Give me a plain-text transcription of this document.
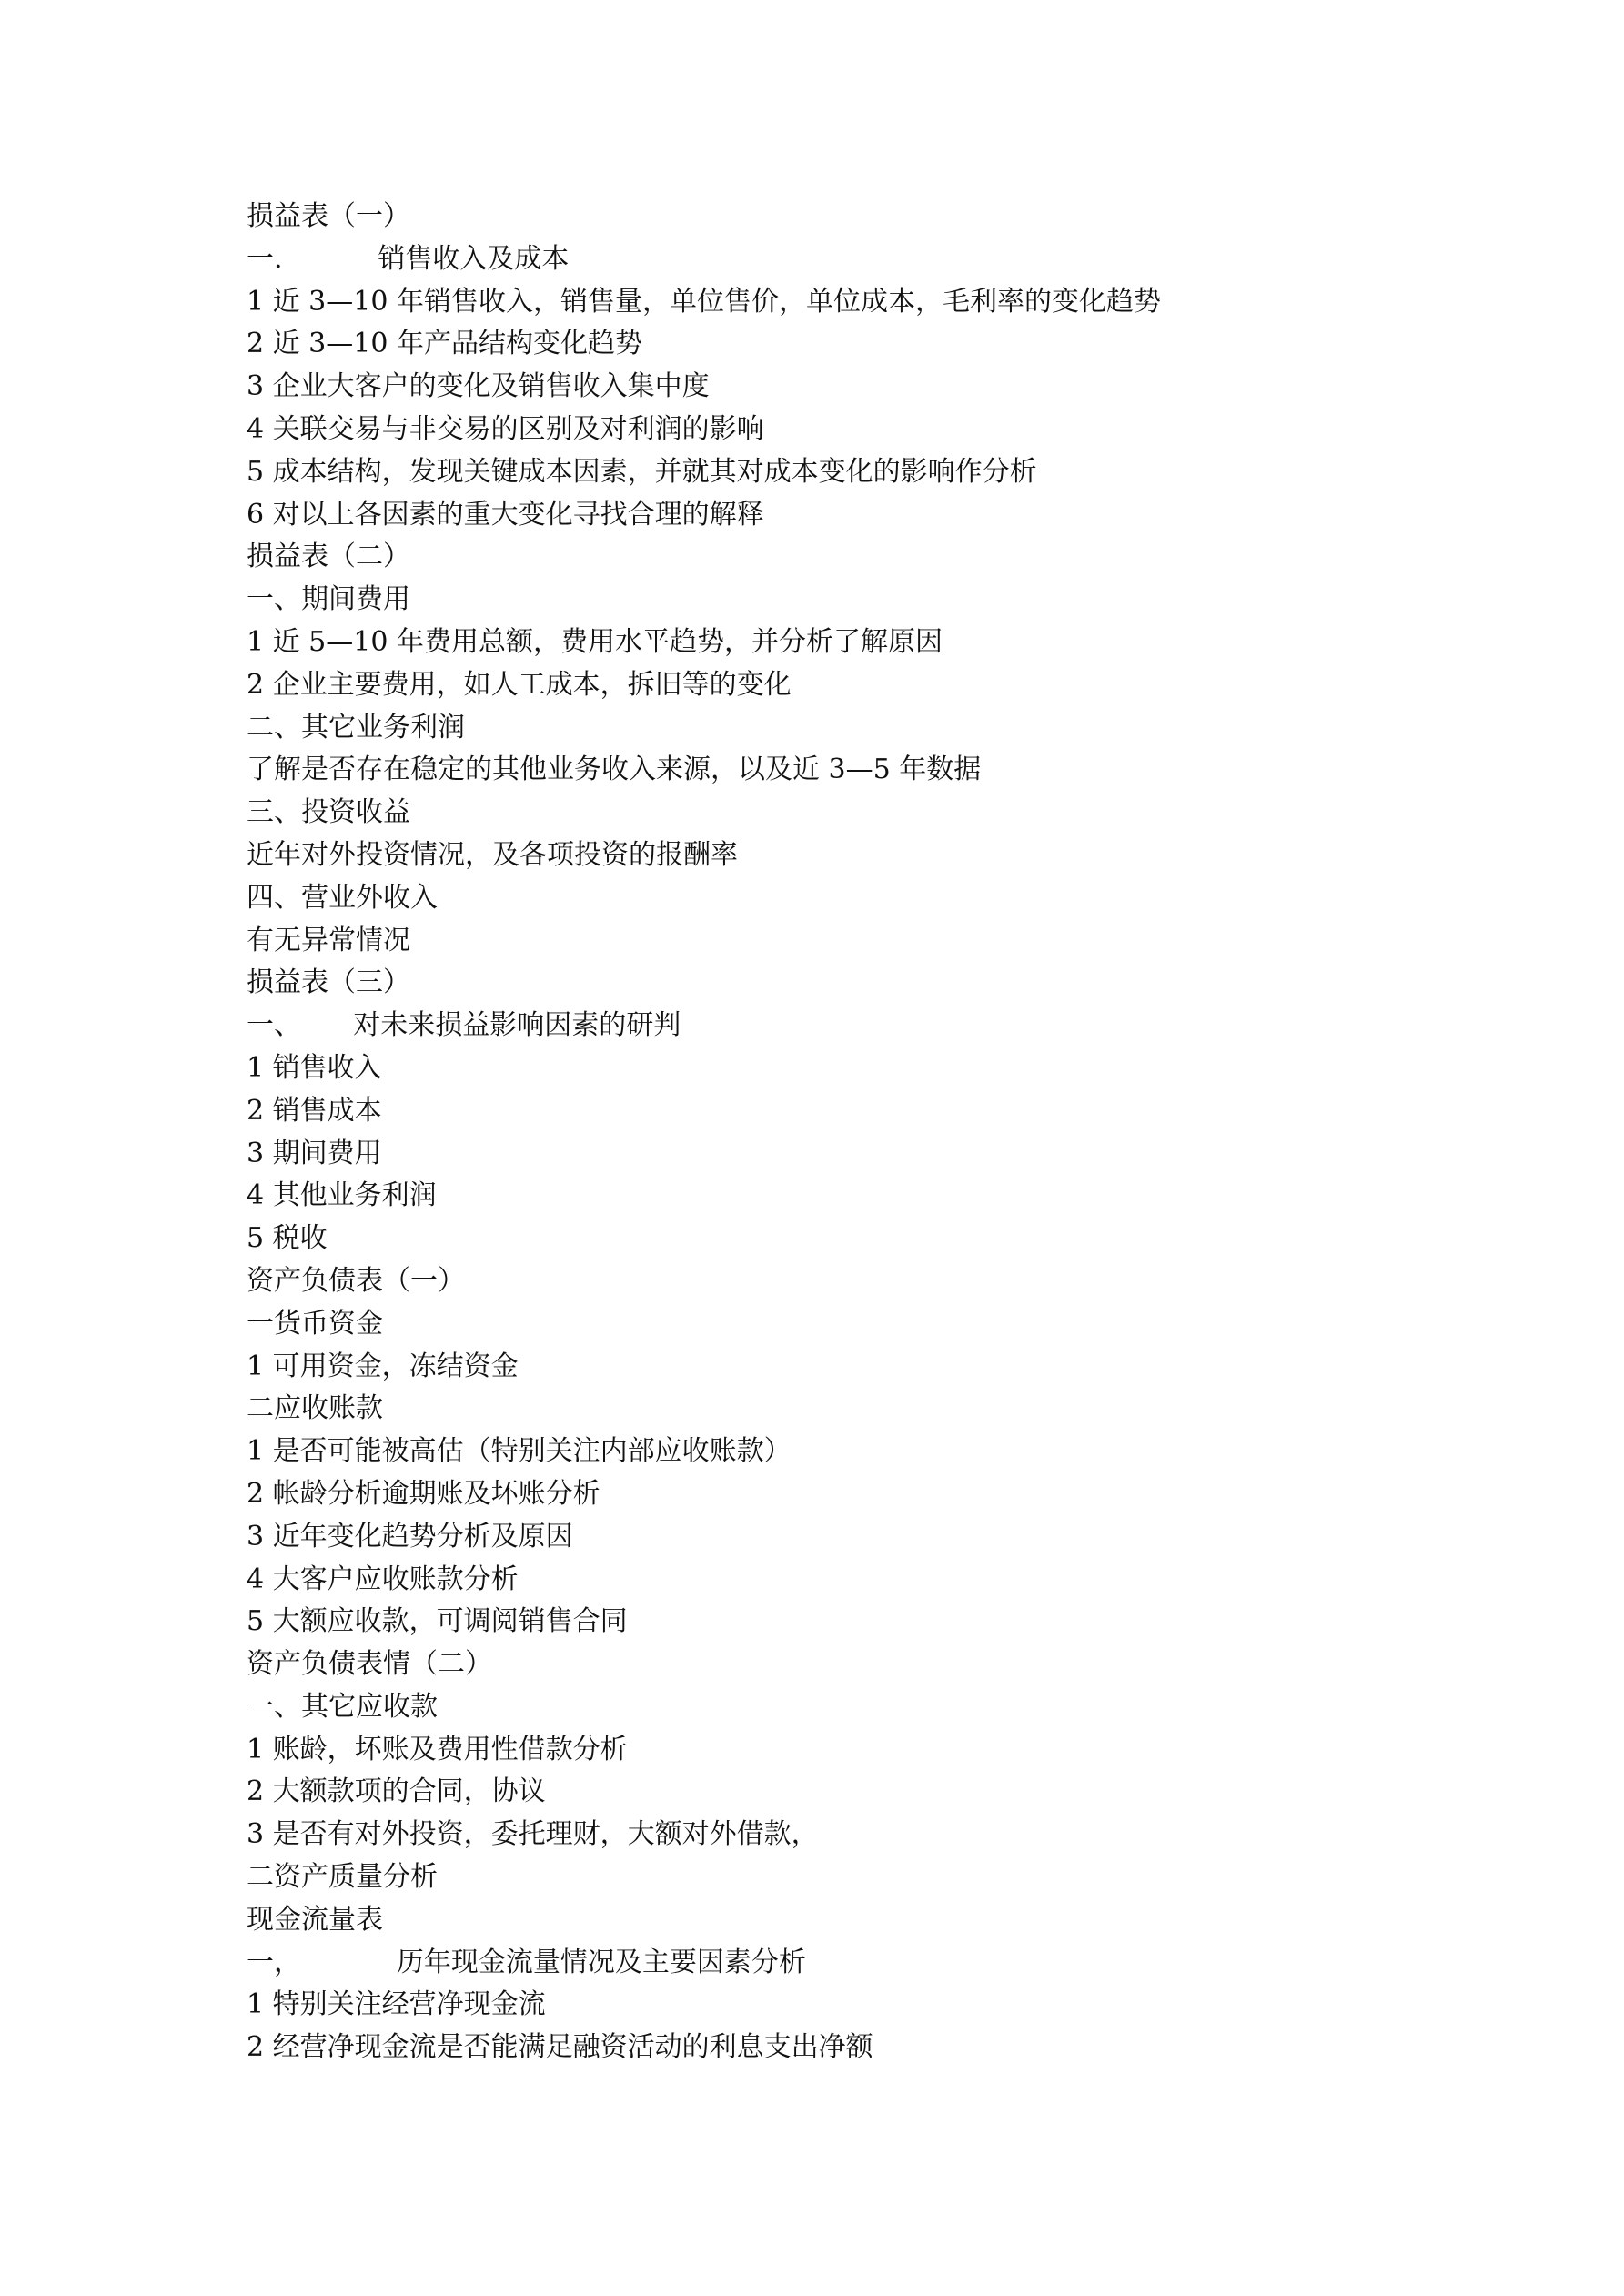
损益表（一）

一.           销售收入及成本

1 近 3—10 年销售收入，销售量，单位售价，单位成本，毛利率的变化趋势

2 近 3—10 年产品结构变化趋势

3 企业大客户的变化及销售收入集中度

4 关联交易与非交易的区别及对利润的影响

5 成本结构，发现关键成本因素，并就其对成本变化的影响作分析

6 对以上各因素的重大变化寻找合理的解释

损益表（二）

一、期间费用

1 近 5—10 年费用总额，费用水平趋势，并分析了解原因

2 企业主要费用，如人工成本，拆旧等的变化

二、其它业务利润

了解是否存在稳定的其他业务收入来源，以及近 3—5 年数据

三、投资收益

近年对外投资情况，及各项投资的报酬率

四、营业外收入

有无异常情况

损益表（三）

一、      对未来损益影响因素的研判

1 销售收入

2 销售成本

3 期间费用

4 其他业务利润

5 税收

资产负债表（一）

一货币资金

1 可用资金，冻结资金

二应收账款

1 是否可能被高估（特别关注内部应收账款）

2 帐龄分析逾期账及坏账分析

3 近年变化趋势分析及原因

4 大客户应收账款分析

5 大额应收款，可调阅销售合同

资产负债表情（二）

一、其它应收款

1 账龄，坏账及费用性借款分析

2 大额款项的合同，协议

3 是否有对外投资，委托理财，大额对外借款，

二资产质量分析

现金流量表

一，           历年现金流量情况及主要因素分析

1 特别关注经营净现金流

2 经营净现金流是否能满足融资活动的利息支出净额
